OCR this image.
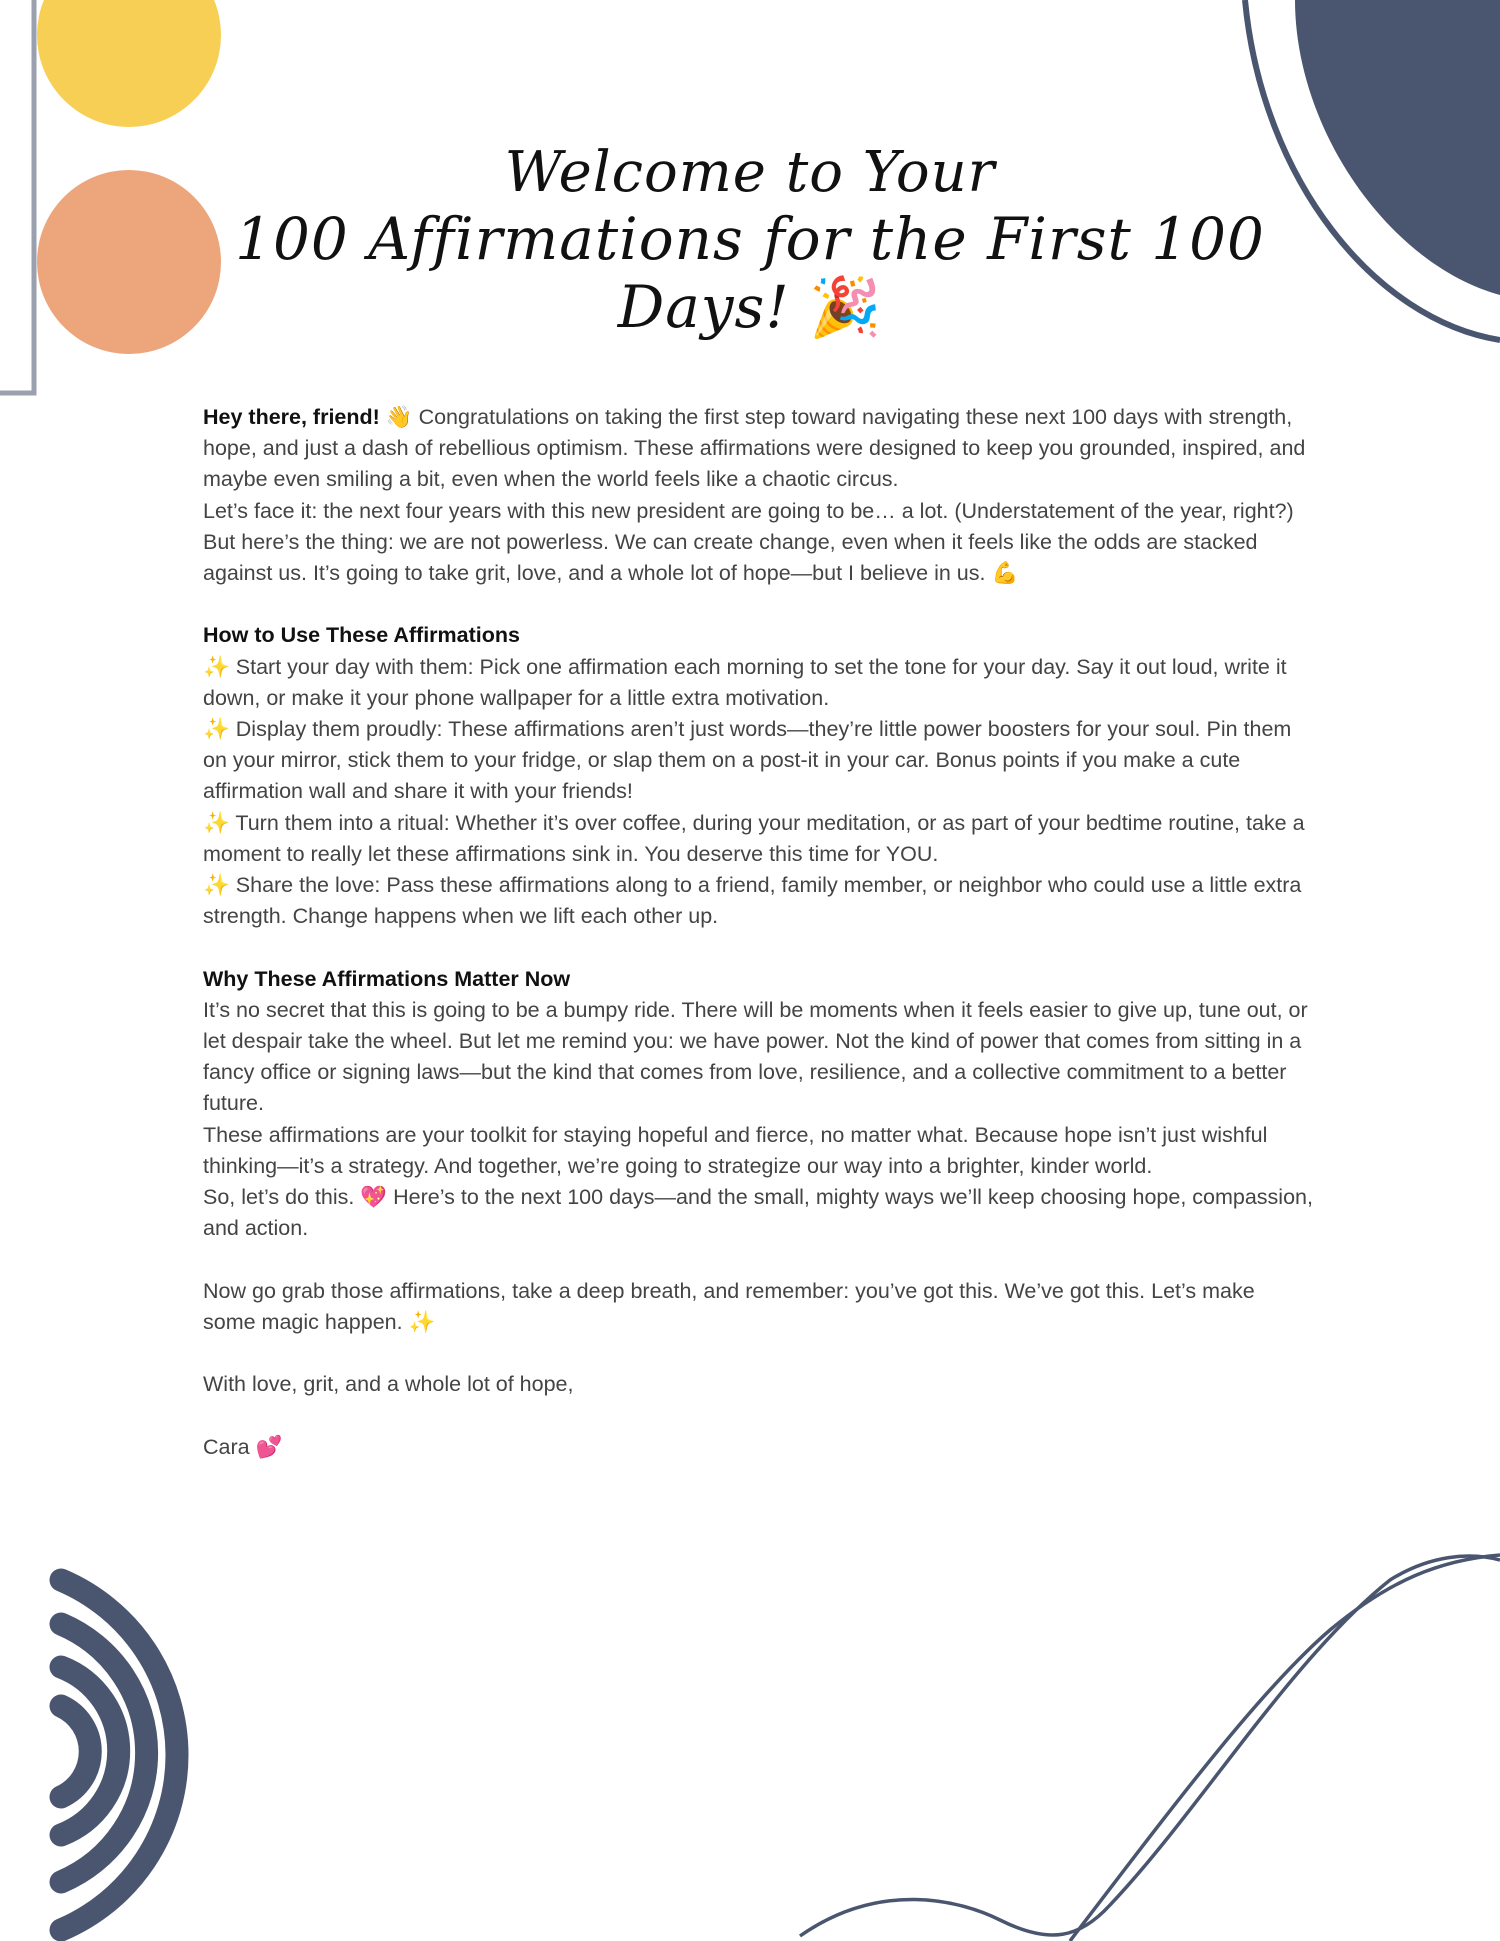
Welcome to Your
100 Affirmations for the First 100 Days! 🎉

Hey there, friend! 👋 Congratulations on taking the first step toward navigating these next 100 days with strength, hope, and just a dash of rebellious optimism. These affirmations were designed to keep you grounded, inspired, and maybe even smiling a bit, even when the world feels like a chaotic circus.

Let’s face it: the next four years with this new president are going to be… a lot. (Understatement of the year, right?) But here’s the thing: we are not powerless. We can create change, even when it feels like the odds are stacked against us. It’s going to take grit, love, and a whole lot of hope—but I believe in us. 💪

How to Use These Affirmations

✨ Start your day with them: Pick one affirmation each morning to set the tone for your day. Say it out loud, write it down, or make it your phone wallpaper for a little extra motivation.

✨ Display them proudly: These affirmations aren’t just words—they’re little power boosters for your soul. Pin them on your mirror, stick them to your fridge, or slap them on a post-it in your car. Bonus points if you make a cute affirmation wall and share it with your friends!

✨ Turn them into a ritual: Whether it’s over coffee, during your meditation, or as part of your bedtime routine, take a moment to really let these affirmations sink in. You deserve this time for YOU.

✨ Share the love: Pass these affirmations along to a friend, family member, or neighbor who could use a little extra strength. Change happens when we lift each other up.

Why These Affirmations Matter Now

It’s no secret that this is going to be a bumpy ride. There will be moments when it feels easier to give up, tune out, or let despair take the wheel. But let me remind you: we have power. Not the kind of power that comes from sitting in a fancy office or signing laws—but the kind that comes from love, resilience, and a collective commitment to a better future.

These affirmations are your toolkit for staying hopeful and fierce, no matter what. Because hope isn’t just wishful thinking—it’s a strategy. And together, we’re going to strategize our way into a brighter, kinder world.

So, let’s do this. 💖 Here’s to the next 100 days—and the small, mighty ways we’ll keep choosing hope, compassion, and action.

Now go grab those affirmations, take a deep breath, and remember: you’ve got this. We’ve got this. Let’s make some magic happen. ✨

With love, grit, and a whole lot of hope,

Cara 💕
